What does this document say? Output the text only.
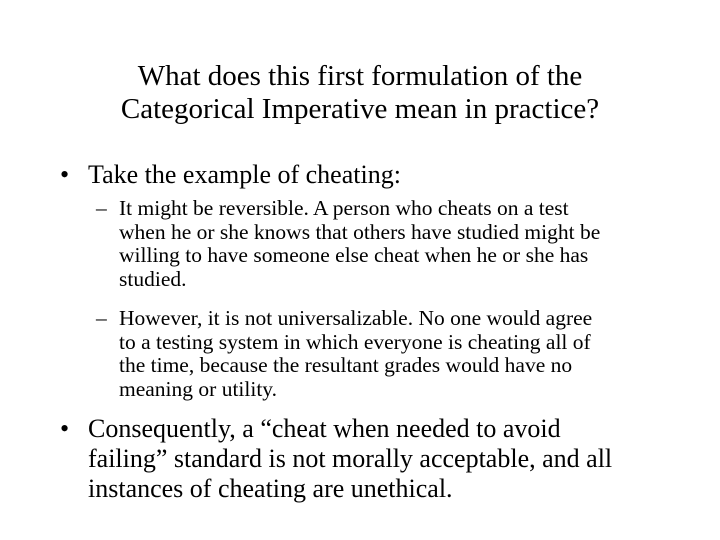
What does this first formulation of the
Categorical Imperative mean in practice?
• Take the example of cheating:
– It might be reversible. A person who cheats on a test
when he or she knows that others have studied might be
willing to have someone else cheat when he or she has
studied.
– However, it is not universalizable. No one would agree
to a testing system in which everyone is cheating all of
the time, because the resultant grades would have no
meaning or utility.
• Consequently, a “cheat when needed to avoid
failing” standard is not morally acceptable, and all
instances of cheating are unethical.
